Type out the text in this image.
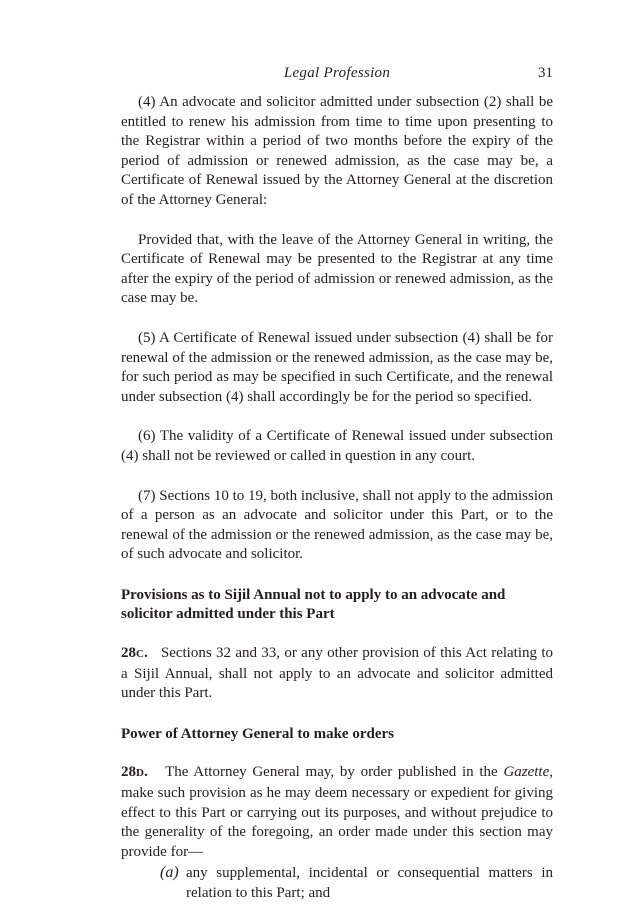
Legal Profession	31

(4) An advocate and solicitor admitted under subsection (2) shall be entitled to renew his admission from time to time upon presenting to the Registrar within a period of two months before the expiry of the period of admission or renewed admission, as the case may be, a Certificate of Renewal issued by the Attorney General at the discretion of the Attorney General:

Provided that, with the leave of the Attorney General in writing, the Certificate of Renewal may be presented to the Registrar at any time after the expiry of the period of admission or renewed admission, as the case may be.

(5) A Certificate of Renewal issued under subsection (4) shall be for renewal of the admission or the renewed admission, as the case may be, for such period as may be specified in such Certificate, and the renewal under subsection (4) shall accordingly be for the period so specified.

(6) The validity of a Certificate of Renewal issued under subsection (4) shall not be reviewed or called in question in any court.

(7) Sections 10 to 19, both inclusive, shall not apply to the admission of a person as an advocate and solicitor under this Part, or to the renewal of the admission or the renewed admission, as the case may be, of such advocate and solicitor.

Provisions as to Sijil Annual not to apply to an advocate and solicitor admitted under this Part

28C. Sections 32 and 33, or any other provision of this Act relating to a Sijil Annual, shall not apply to an advocate and solicitor admitted under this Part.

Power of Attorney General to make orders

28D. The Attorney General may, by order published in the Gazette, make such provision as he may deem necessary or expedient for giving effect to this Part or carrying out its purposes, and without prejudice to the generality of the foregoing, an order made under this section may provide for—

(a) any supplemental, incidental or consequential matters in relation to this Part; and
